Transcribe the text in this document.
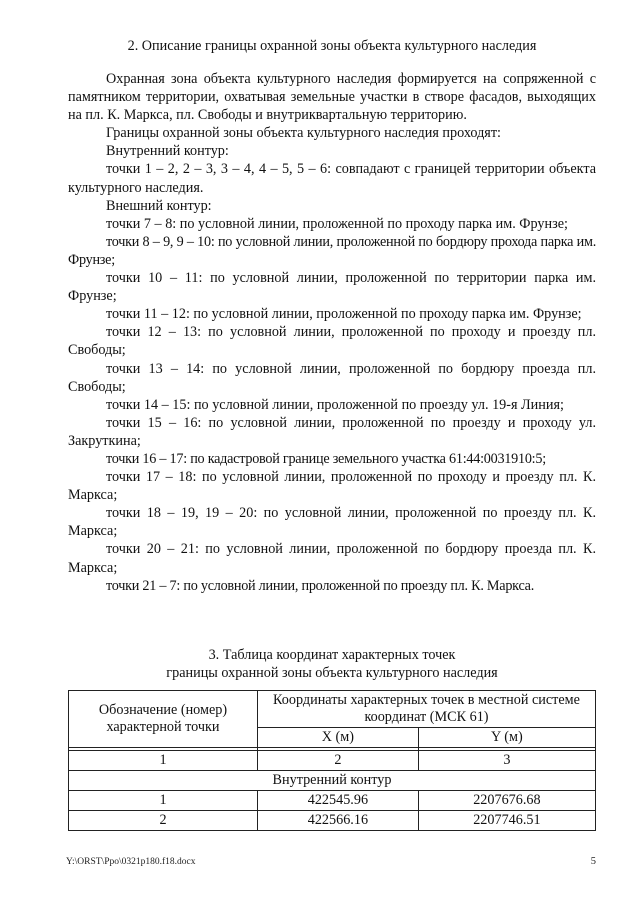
2. Описание границы охранной зоны объекта культурного наследия

Охранная зона объекта культурного наследия формируется на сопряженной с памятником территории, охватывая земельные участки в створе фасадов, выходящих на пл. К. Маркса, пл. Свободы и внутриквартальную территорию.

Границы охранной зоны объекта культурного наследия проходят:

Внутренний контур:

точки 1 – 2, 2 – 3, 3 – 4, 4 – 5, 5 – 6: совпадают с границей территории объекта культурного наследия.

Внешний контур:

точки 7 – 8: по условной линии, проложенной по проходу парка им. Фрунзе;

точки 8 – 9, 9 – 10: по условной линии, проложенной по бордюру прохода парка им. Фрунзе;

точки 10 – 11: по условной линии, проложенной по территории парка им. Фрунзе;

точки 11 – 12: по условной линии, проложенной по проходу парка им. Фрунзе;

точки 12 – 13: по условной линии, проложенной по проходу и проезду пл. Свободы;

точки 13 – 14: по условной линии, проложенной по бордюру проезда пл. Свободы;

точки 14 – 15: по условной линии, проложенной по проезду ул. 19-я Линия;

точки 15 – 16: по условной линии, проложенной по проезду и проходу ул. Закруткина;

точки 16 – 17: по кадастровой границе земельного участка 61:44:0031910:5;

точки 17 – 18: по условной линии, проложенной по проходу и проезду пл. К. Маркса;

точки 18 – 19, 19 – 20: по условной линии, проложенной по проезду пл. К. Маркса;

точки 20 – 21: по условной линии, проложенной по бордюру проезда пл. К. Маркса;

точки 21 – 7: по условной линии, проложенной по проезду пл. К. Маркса.

3. Таблица координат характерных точек
границы охранной зоны объекта культурного наследия
Обозначение (номер) характерной точки	Координаты характерных точек в местной системе координат (МСК 61)	
	X (м)	Y (м)

1	2	3
Внутренний контур		
1	422545.96	2207676.68
2	422566.16	2207746.51
Y:\ORST\Ppo\0321p180.f18.docx	5
